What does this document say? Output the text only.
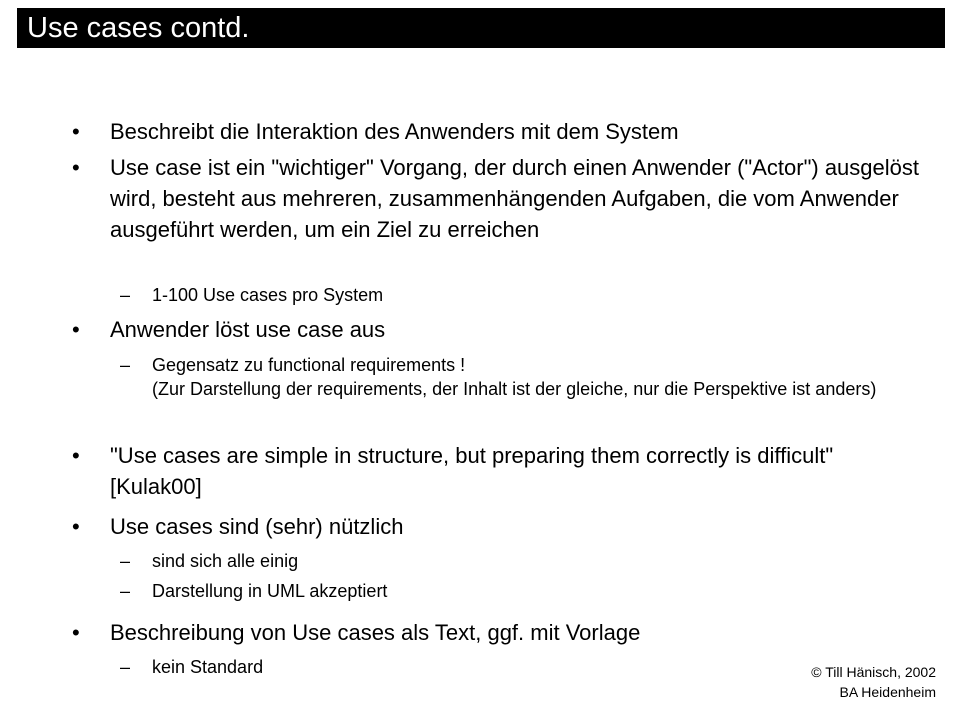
Use cases contd.
• Beschreibt die Interaktion des Anwenders mit dem System
• Use case ist ein "wichtiger" Vorgang, der durch einen Anwender ("Actor") ausgelöst wird, besteht aus mehreren, zusammenhängenden Aufgaben, die vom Anwender ausgeführt werden, um ein Ziel zu erreichen
– 1-100 Use cases pro System
• Anwender löst use case aus
– Gegensatz zu functional requirements !
(Zur Darstellung der requirements, der Inhalt ist der gleiche, nur die Perspektive ist anders)
• "Use cases are simple in structure, but preparing them correctly is difficult" [Kulak00]
• Use cases sind (sehr) nützlich
– sind sich alle einig
– Darstellung in UML akzeptiert
• Beschreibung von Use cases als Text, ggf. mit Vorlage
– kein Standard	© Till Hänisch, 2002
BA Heidenheim
